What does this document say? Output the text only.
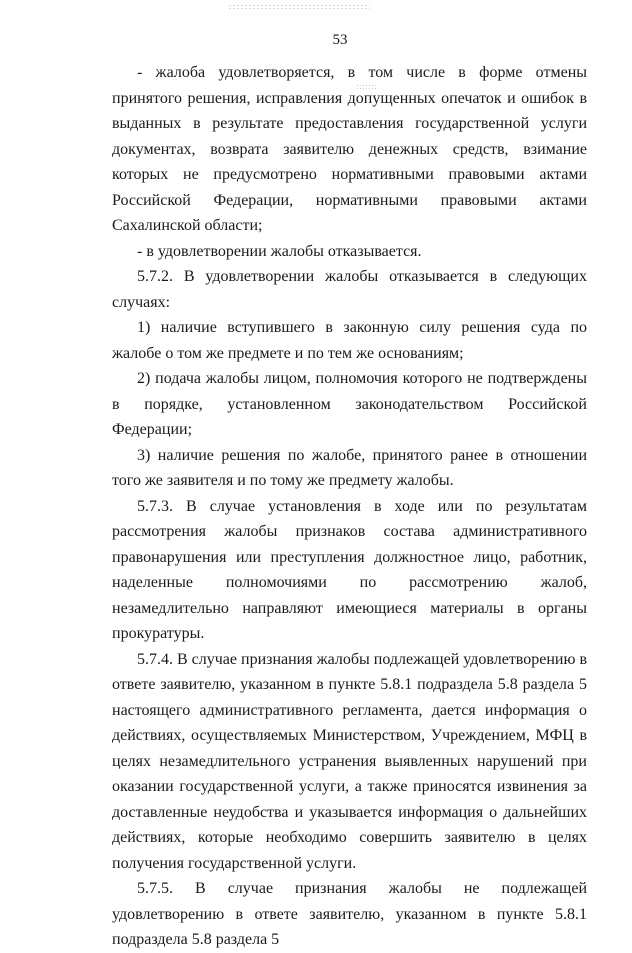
53

- жалоба удовлетворяется, в том числе в форме отмены принятого решения, исправления допущенных опечаток и ошибок в выданных в результате предоставления государственной услуги документах, возврата заявителю денежных средств, взимание которых не предусмотрено нормативными правовыми актами Российской Федерации, нормативными правовыми актами Сахалинской области;

- в удовлетворении жалобы отказывается.

5.7.2. В удовлетворении жалобы отказывается в следующих случаях:

1) наличие вступившего в законную силу решения суда по жалобе о том же предмете и по тем же основаниям;

2) подача жалобы лицом, полномочия которого не подтверждены в порядке, установленном законодательством Российской Федерации;

3) наличие решения по жалобе, принятого ранее в отношении того же заявителя и по тому же предмету жалобы.

5.7.3. В случае установления в ходе или по результатам рассмотрения жалобы признаков состава административного правонарушения или преступления должностное лицо, работник, наделенные полномочиями по рассмотрению жалоб, незамедлительно направляют имеющиеся материалы в органы прокуратуры.

5.7.4. В случае признания жалобы подлежащей удовлетворению в ответе заявителю, указанном в пункте 5.8.1 подраздела 5.8 раздела 5 настоящего административного регламента, дается информация о действиях, осуществляемых Министерством, Учреждением, МФЦ в целях незамедлительного устранения выявленных нарушений при оказании государственной услуги, а также приносятся извинения за доставленные неудобства и указывается информация о дальнейших действиях, которые необходимо совершить заявителю в целях получения государственной услуги.

5.7.5. В случае признания жалобы не подлежащей удовлетворению в ответе заявителю, указанном в пункте 5.8.1 подраздела 5.8 раздела 5
